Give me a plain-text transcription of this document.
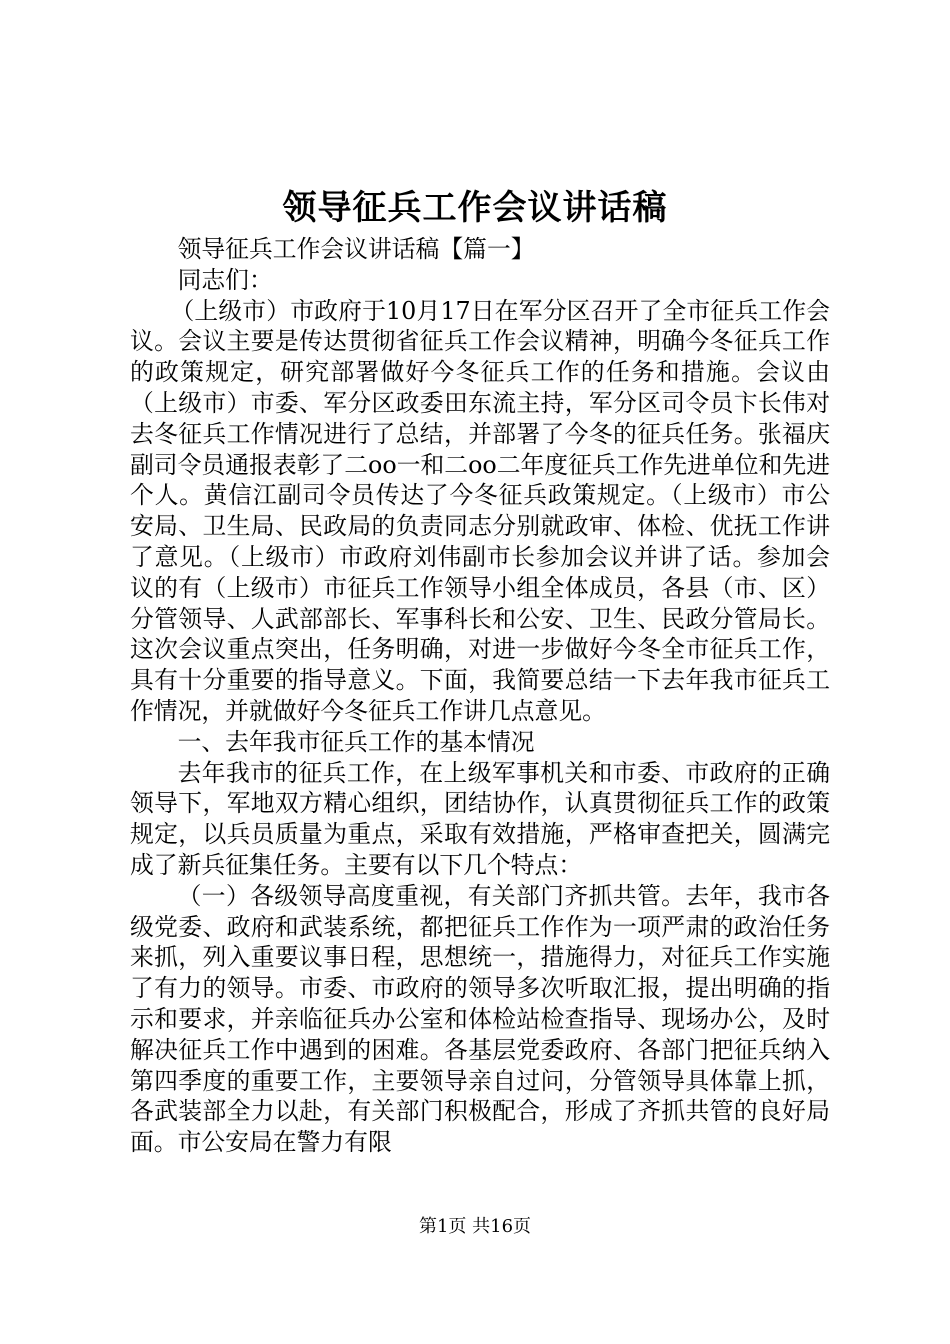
领导征兵工作会议讲话稿

领导征兵工作会议讲话稿【篇一】

同志们：

（上级市）市政府于10月17日在军分区召开了全市征兵工作会议。会议主要是传达贯彻省征兵工作会议精神，明确今冬征兵工作的政策规定，研究部署做好今冬征兵工作的任务和措施。会议由（上级市）市委、军分区政委田东流主持，军分区司令员卞长伟对去冬征兵工作情况进行了总结，并部署了今冬的征兵任务。张福庆副司令员通报表彰了二oo一和二oo二年度征兵工作先进单位和先进个人。黄信江副司令员传达了今冬征兵政策规定。（上级市）市公安局、卫生局、民政局的负责同志分别就政审、体检、优抚工作讲了意见。（上级市）市政府刘伟副市长参加会议并讲了话。参加会议的有（上级市）市征兵工作领导小组全体成员，各县（市、区）分管领导、人武部部长、军事科长和公安、卫生、民政分管局长。这次会议重点突出，任务明确，对进一步做好今冬全市征兵工作，具有十分重要的指导意义。下面，我简要总结一下去年我市征兵工作情况，并就做好今冬征兵工作讲几点意见。

一、去年我市征兵工作的基本情况

去年我市的征兵工作，在上级军事机关和市委、市政府的正确领导下，军地双方精心组织，团结协作，认真贯彻征兵工作的政策规定，以兵员质量为重点，采取有效措施，严格审查把关，圆满完成了新兵征集任务。主要有以下几个特点：

（一）各级领导高度重视，有关部门齐抓共管。去年，我市各级党委、政府和武装系统，都把征兵工作作为一项严肃的政治任务来抓，列入重要议事日程，思想统一，措施得力，对征兵工作实施了有力的领导。市委、市政府的领导多次听取汇报，提出明确的指示和要求，并亲临征兵办公室和体检站检查指导、现场办公，及时解决征兵工作中遇到的困难。各基层党委政府、各部门把征兵纳入第四季度的重要工作，主要领导亲自过问，分管领导具体靠上抓，各武装部全力以赴，有关部门积极配合，形成了齐抓共管的良好局面。市公安局在警力有限

第1页 共16页
